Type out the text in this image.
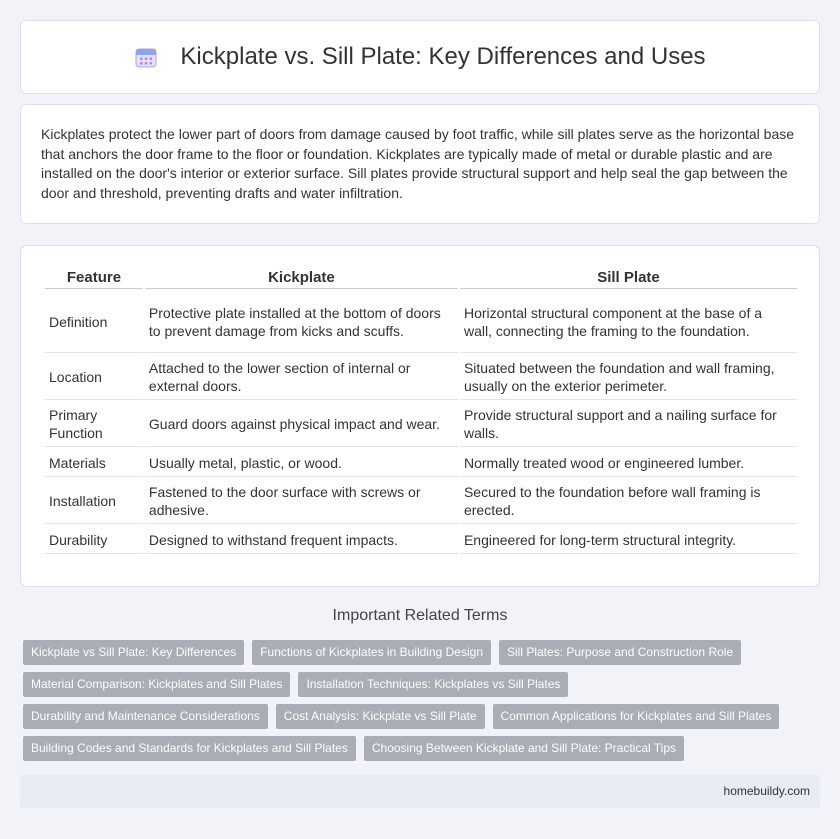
Kickplate vs. Sill Plate: Key Differences and Uses

Kickplates protect the lower part of doors from damage caused by foot traffic, while sill plates serve as the horizontal base that anchors the door frame to the floor or foundation. Kickplates are typically made of metal or durable plastic and are installed on the door's interior or exterior surface. Sill plates provide structural support and help seal the gap between the door and threshold, preventing drafts and water infiltration.

Feature	Kickplate	Sill Plate
Definition	Protective plate installed at the bottom of doors to prevent damage from kicks and scuffs.	Horizontal structural component at the base of a wall, connecting the framing to the foundation.
Location	Attached to the lower section of internal or external doors.	Situated between the foundation and wall framing, usually on the exterior perimeter.
Primary Function	Guard doors against physical impact and wear.	Provide structural support and a nailing surface for walls.
Materials	Usually metal, plastic, or wood.	Normally treated wood or engineered lumber.
Installation	Fastened to the door surface with screws or adhesive.	Secured to the foundation before wall framing is erected.
Durability	Designed to withstand frequent impacts.	Engineered for long-term structural integrity.
Important Related Terms
Kickplate vs Sill Plate: Key Differences	Functions of Kickplates in Building Design	Sill Plates: Purpose and Construction Role
Material Comparison: Kickplates and Sill Plates	Installation Techniques: Kickplates vs Sill Plates
Durability and Maintenance Considerations	Cost Analysis: Kickplate vs Sill Plate	Common Applications for Kickplates and Sill Plates
Building Codes and Standards for Kickplates and Sill Plates	Choosing Between Kickplate and Sill Plate: Practical Tips
homebuildy.com
